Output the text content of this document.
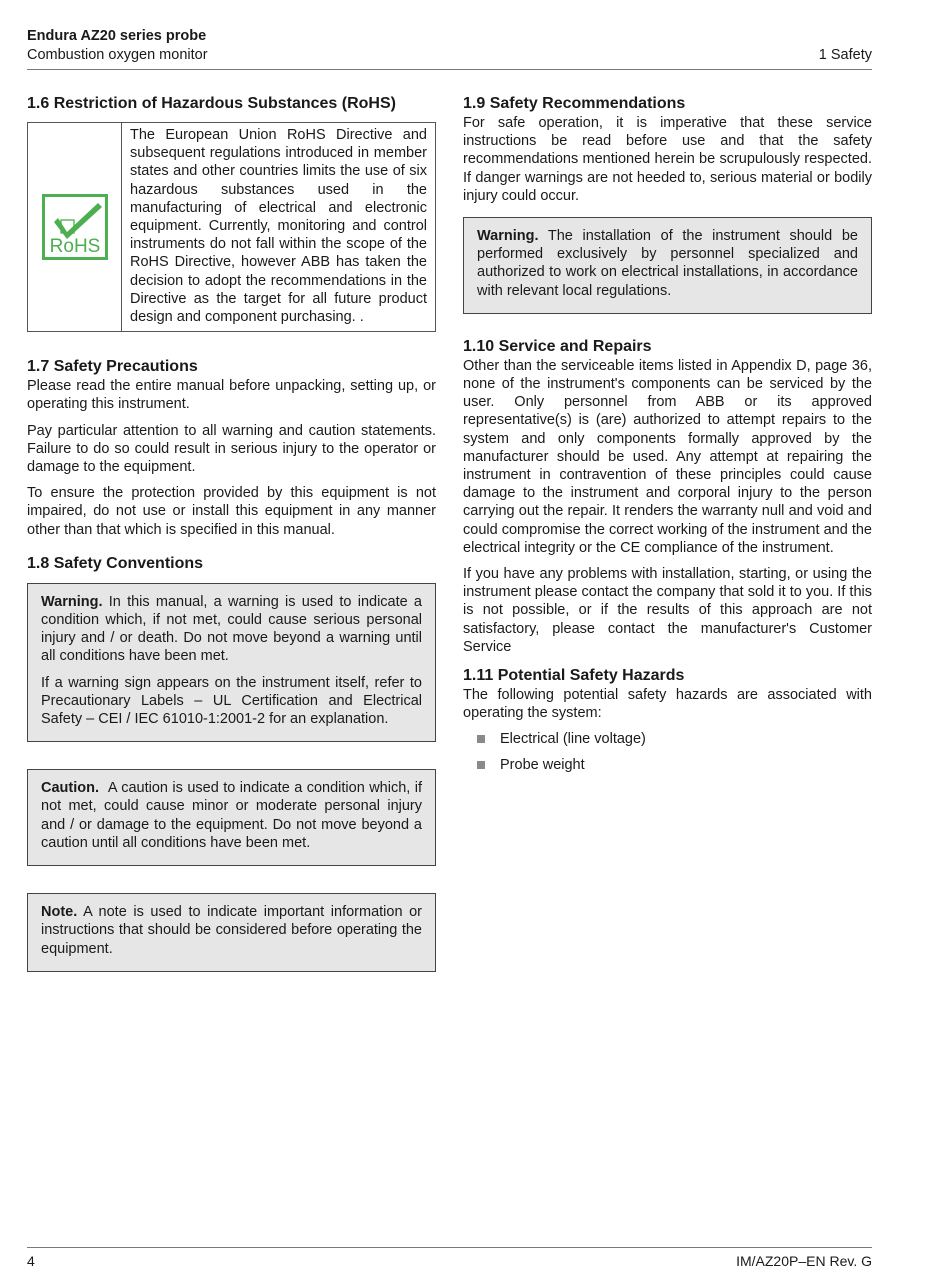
Endura AZ20 series probe
Combustion oxygen monitor	1 Safety
1.6 Restriction of Hazardous Substances (RoHS)
RoHS

The European Union RoHS Directive and subsequent regulations introduced in member states and other countries limits the use of six hazardous substances used in the manufacturing of electrical and electronic equipment. Currently, monitoring and control instruments do not fall within the scope of the RoHS Directive, however ABB has taken the decision to adopt the recommendations in the Directive as the target for all future product design and component purchasing. .

1.7 Safety Precautions

Please read the entire manual before unpacking, setting up, or operating this instrument.

Pay particular attention to all warning and caution statements. Failure to do so could result in serious injury to the operator or damage to the equipment.

To ensure the protection provided by this equipment is not impaired, do not use or install this equipment in any manner other than that which is specified in this manual.

1.8 Safety Conventions

Warning. In this manual, a warning is used to indicate a condition which, if not met, could cause serious personal injury and / or death. Do not move beyond a warning until all conditions have been met.

If a warning sign appears on the instrument itself, refer to Precautionary Labels – UL Certification and Electrical Safety – CEI / IEC 61010-1:2001-2 for an explanation.

Caution. A caution is used to indicate a condition which, if not met, could cause minor or moderate personal injury and / or damage to the equipment. Do not move beyond a caution until all conditions have been met.

Note. A note is used to indicate important information or instructions that should be considered before operating the equipment.

1.9 Safety Recommendations

For safe operation, it is imperative that these service instructions be read before use and that the safety recommendations mentioned herein be scrupulously respected. If danger warnings are not heeded to, serious material or bodily injury could occur.

Warning. The installation of the instrument should be performed exclusively by personnel specialized and authorized to work on electrical installations, in accordance with relevant local regulations.

1.10 Service and Repairs

Other than the serviceable items listed in Appendix D, page 36, none of the instrument's components can be serviced by the user. Only personnel from ABB or its approved representative(s) is (are) authorized to attempt repairs to the system and only components formally approved by the manufacturer should be used. Any attempt at repairing the instrument in contravention of these principles could cause damage to the instrument and corporal injury to the person carrying out the repair. It renders the warranty null and void and could compromise the correct working of the instrument and the electrical integrity or the CE compliance of the instrument.

If you have any problems with installation, starting, or using the instrument please contact the company that sold it to you. If this is not possible, or if the results of this approach are not satisfactory, please contact the manufacturer's Customer Service

1.11 Potential Safety Hazards

The following potential safety hazards are associated with operating the system:

Electrical (line voltage)
Probe weight
4	IM/AZ20P–EN Rev. G
